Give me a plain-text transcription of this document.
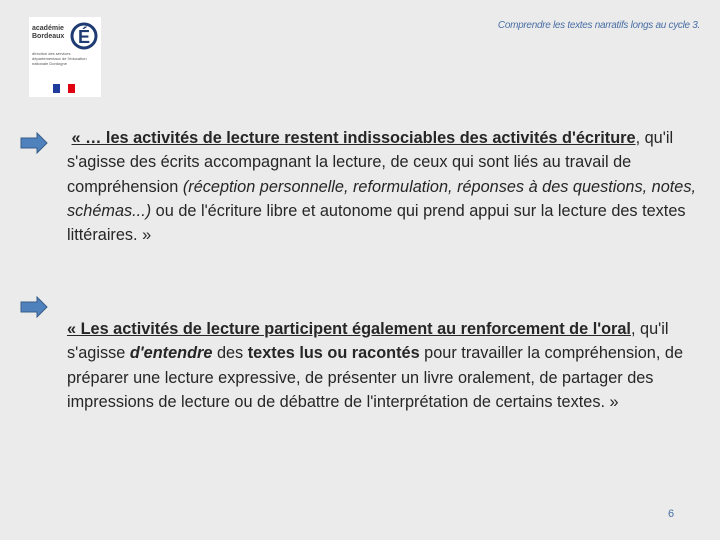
académie Bordeaux É
direction des services départementaux de l'éducation nationale Dordogne
Comprendre les textes narratifs longs au cycle 3.
« … les activités de lecture restent indissociables des activités d'écriture, qu'il s'agisse des écrits accompagnant la lecture, de ceux qui sont liés au travail de compréhension (réception personnelle, reformulation, réponses à des questions, notes, schémas...) ou de l'écriture libre et autonome qui prend appui sur la lecture des textes littéraires. »
« Les activités de lecture participent également au renforcement de l'oral, qu'il s'agisse d'entendre des textes lus ou racontés pour travailler la compréhension, de préparer une lecture expressive, de présenter un livre oralement, de partager des impressions de lecture ou de débattre de l'interprétation de certains textes. »
6
